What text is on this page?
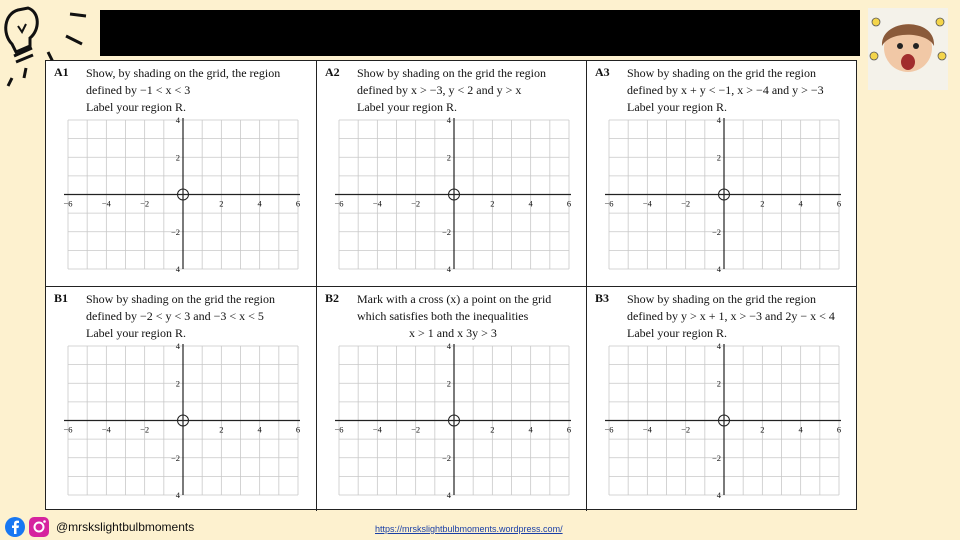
A1 Show, by shading on the grid, the region
defined by −1 < x < 3
Label your region R.
−6	−4	−2	2	4	6
4
2
−2
4
A2 Show by shading on the grid the region
defined by x > −3, y < 2 and y > x
Label your region R.
−6	−4	−2	2	4	6
4
2
−2
4
A3 Show by shading on the grid the region
defined by x + y < −1, x > −4 and y > −3
Label your region R.
−6	−4	−2	2	4	6
4
2
−2
4
B1 Show by shading on the grid the region
defined by −2 < y < 3 and −3 < x < 5
Label your region R.
−6	−4	−2	2	4	6
4
2
−2
4
B2 Mark with a cross (x) a point on the grid
which satisfies both the inequalities
x > 1 and x 3y > 3
−6	−4	−2	2	4	6
4
2
−2
4
B3 Show by shading on the grid the region
defined by y > x + 1, x > −3 and 2y − x < 4
Label your region R.
−6	−4	−2	2	4	6
4
2
−2
4
@mrskslightbulbmoments	https://mrskslightbulbmoments.wordpress.com/
